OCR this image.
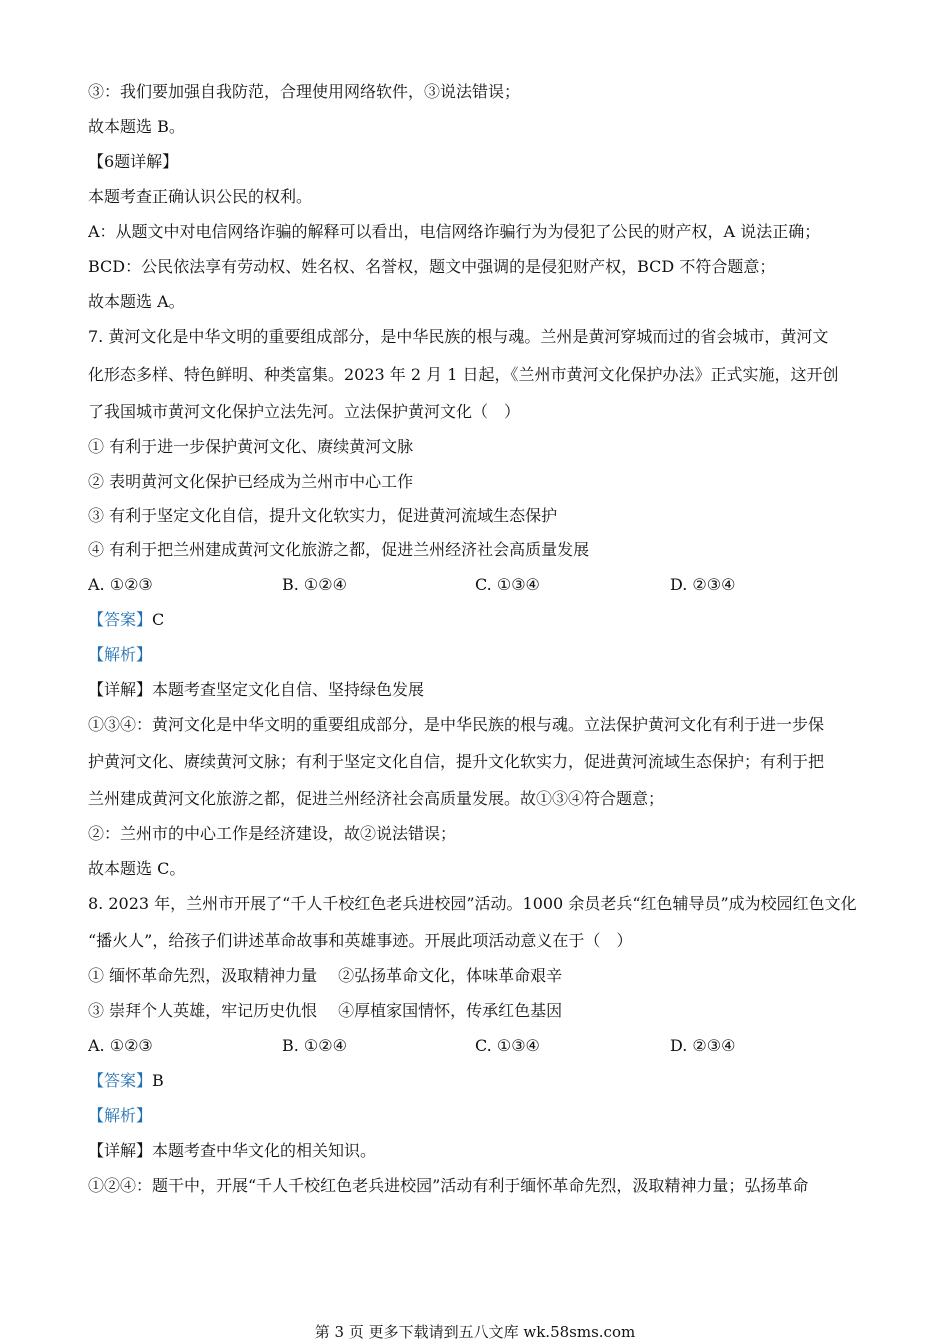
③：我们要加强自我防范，合理使用网络软件，③说法错误；
故本题选 B。
【6题详解】
本题考查正确认识公民的权利。
A：从题文中对电信网络诈骗的解释可以看出，电信网络诈骗行为为侵犯了公民的财产权，A 说法正确；
BCD：公民依法享有劳动权、姓名权、名誉权，题文中强调的是侵犯财产权，BCD 不符合题意；
故本题选 A。
7. 黄河文化是中华文明的重要组成部分，是中华民族的根与魂。兰州是黄河穿城而过的省会城市，黄河文
化形态多样、特色鲜明、种类富集。2023 年 2 月 1 日起，《兰州市黄河文化保护办法》正式实施，这开创
了我国城市黄河文化保护立法先河。立法保护黄河文化（　）
① 有利于进一步保护黄河文化、赓续黄河文脉
② 表明黄河文化保护已经成为兰州市中心工作
③ 有利于坚定文化自信，提升文化软实力，促进黄河流域生态保护
④ 有利于把兰州建成黄河文化旅游之都，促进兰州经济社会高质量发展
A. ①②③	B. ①②④	C. ①③④	D. ②③④
【答案】C
【解析】
【详解】本题考查坚定文化自信、坚持绿色发展
①③④：黄河文化是中华文明的重要组成部分，是中华民族的根与魂。立法保护黄河文化有利于进一步保
护黄河文化、赓续黄河文脉；有利于坚定文化自信，提升文化软实力，促进黄河流域生态保护；有利于把
兰州建成黄河文化旅游之都，促进兰州经济社会高质量发展。故①③④符合题意；
②：兰州市的中心工作是经济建设，故②说法错误；
故本题选 C。
8. 2023 年，兰州市开展了“千人千校红色老兵进校园”活动。1000 余员老兵“红色辅导员”成为校园红色文化
“播火人”，给孩子们讲述革命故事和英雄事迹。开展此项活动意义在于（　）
① 缅怀革命先烈，汲取精神力量　 ②弘扬革命文化，体味革命艰辛
③ 崇拜个人英雄，牢记历史仇恨　 ④厚植家国情怀，传承红色基因
A. ①②③	B. ①②④	C. ①③④	D. ②③④
【答案】B
【解析】
【详解】本题考查中华文化的相关知识。
①②④：题干中，开展“千人千校红色老兵进校园”活动有利于缅怀革命先烈，汲取精神力量；弘扬革命
第 3 页 更多下载请到五八文库 wk.58sms.com
